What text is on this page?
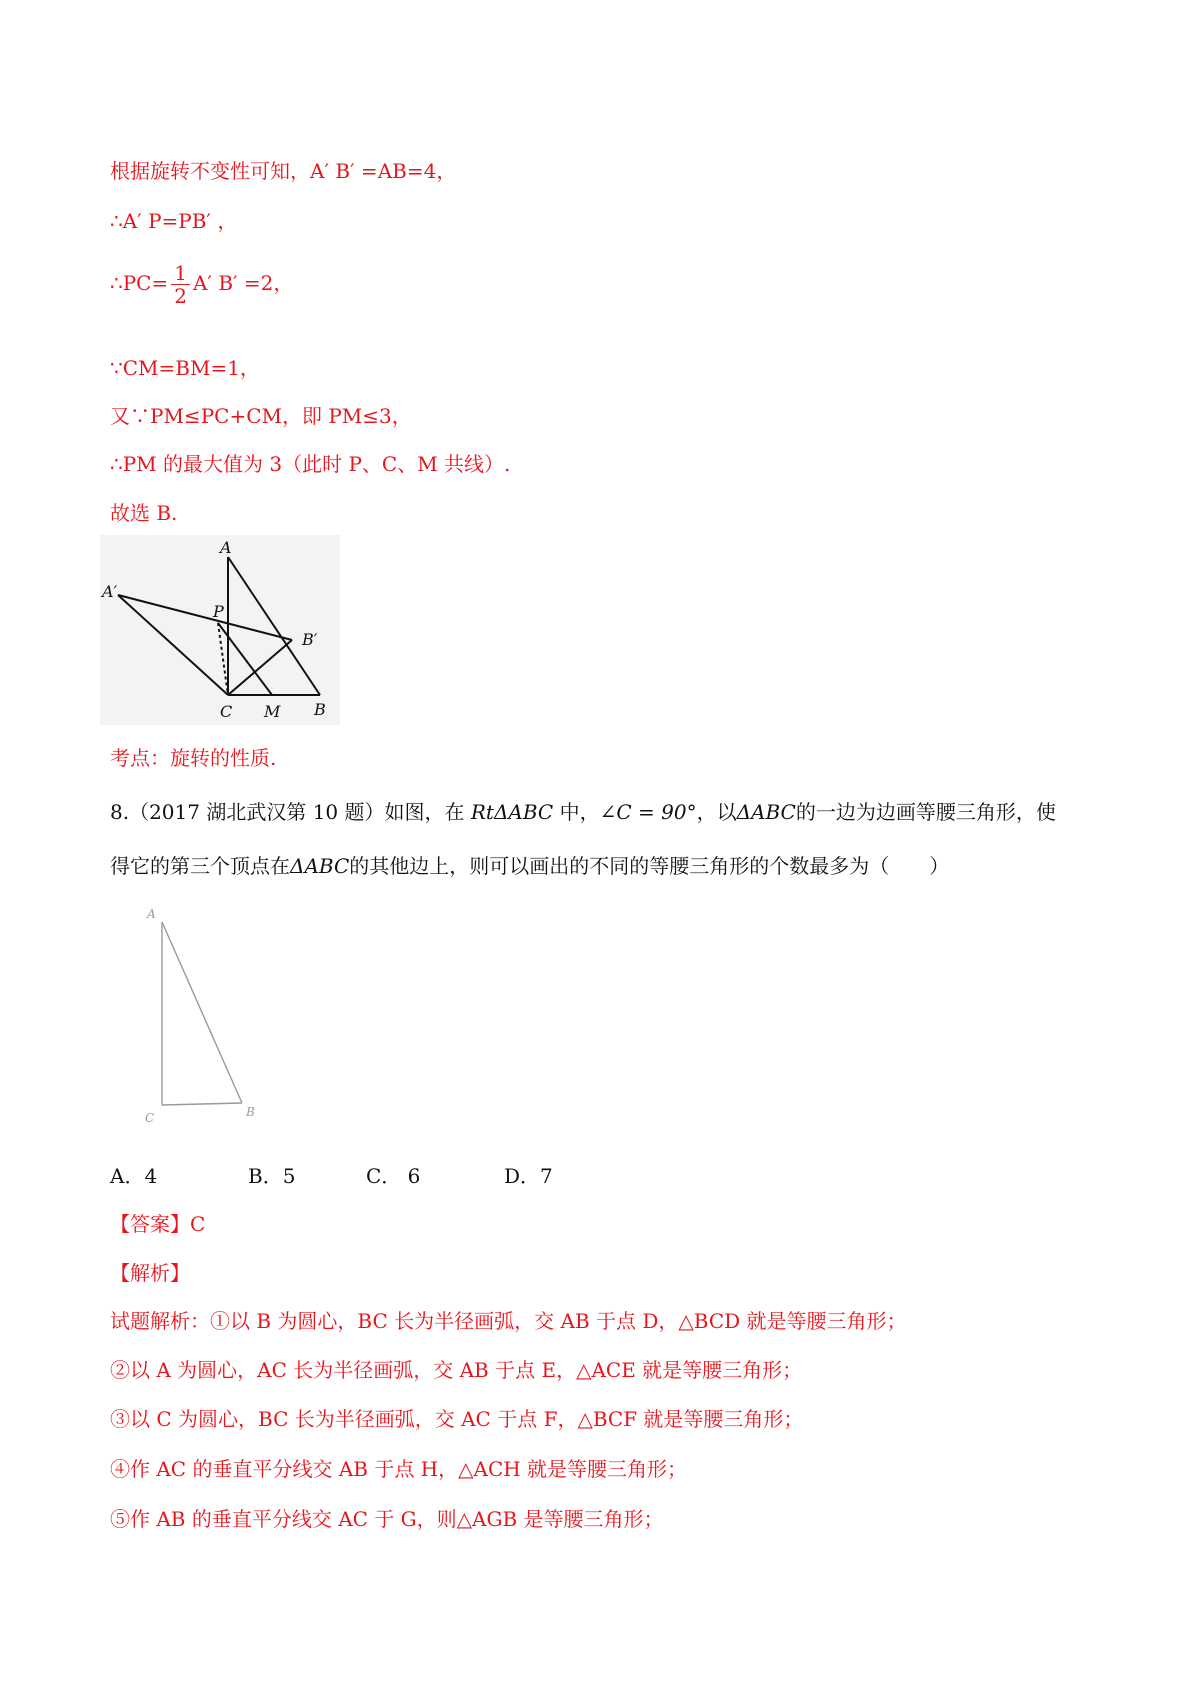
根据旋转不变性可知，A′ B′ =AB=4，
∴A′ P=PB′ ，
∴PC= $\frac{1}{2} A'$ B′ =2，
∵CM=BM=1，
又∵PM≤PC+CM，即 PM≤3，
∴PM 的最大值为 3（此时 P、C、M 共线）.
故选 B.
A
A′
P
B′
C M B
考点：旋转的性质.
8.（2017 湖北武汉第 10 题）如图，在 RtΔABC 中，∠C = 90°，以ΔABC的一边为边画等腰三角形，使
得它的第三个顶点在ΔABC的其他边上，则可以画出的不同的等腰三角形的个数最多为（　　）
A
C	B
A．4	B．5	C． 6	D．7
【答案】C
【解析】
试题解析：①以 B 为圆心，BC 长为半径画弧，交 AB 于点 D，△BCD 就是等腰三角形；
②以 A 为圆心，AC 长为半径画弧，交 AB 于点 E，△ACE 就是等腰三角形；
③以 C 为圆心，BC 长为半径画弧，交 AC 于点 F，△BCF 就是等腰三角形；
④作 AC 的垂直平分线交 AB 于点 H，△ACH 就是等腰三角形；
⑤作 AB 的垂直平分线交 AC 于 G，则△AGB 是等腰三角形；
